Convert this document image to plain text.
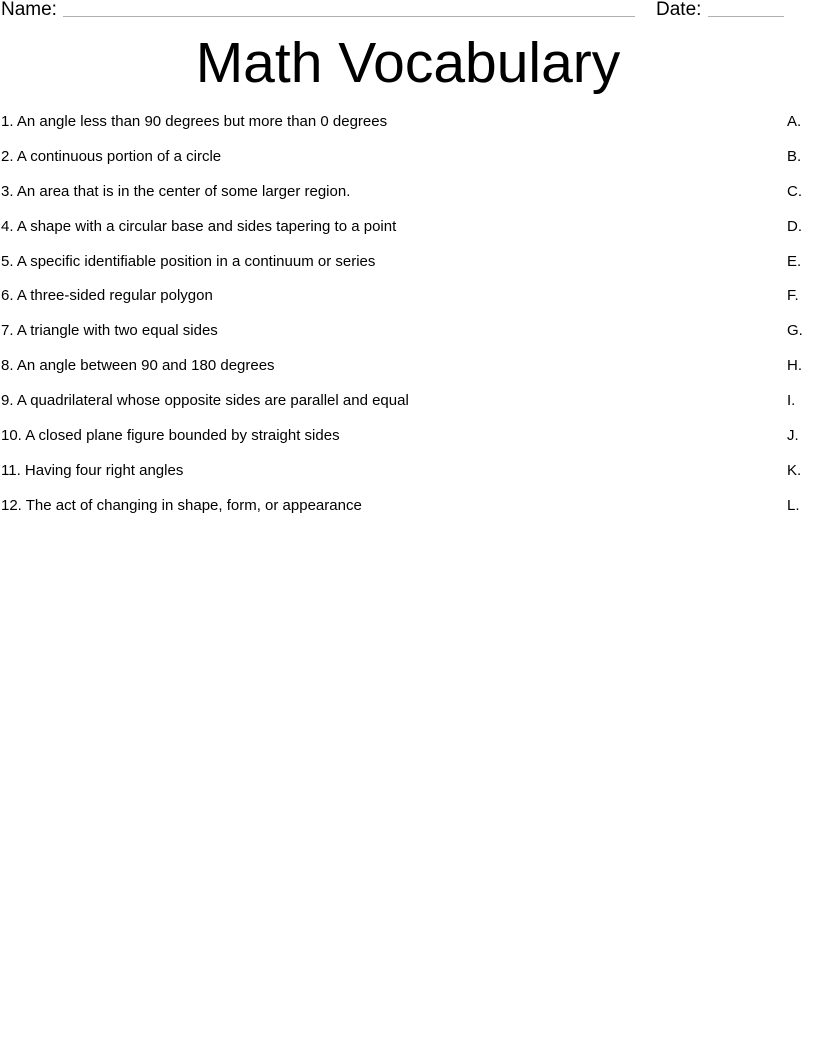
Name:	Date:
Math Vocabulary
1. An angle less than 90 degrees but more than 0 degrees	A.
2. A continuous portion of a circle	B.
3. An area that is in the center of some larger region.	C.
4. A shape with a circular base and sides tapering to a point	D.
5. A specific identifiable position in a continuum or series	E.
6. A three-sided regular polygon	F.
7. A triangle with two equal sides	G.
8. An angle between 90 and 180 degrees	H.
9. A quadrilateral whose opposite sides are parallel and equal	I.
10. A closed plane figure bounded by straight sides	J.
11. Having four right angles	K.
12. The act of changing in shape, form, or appearance	L.
